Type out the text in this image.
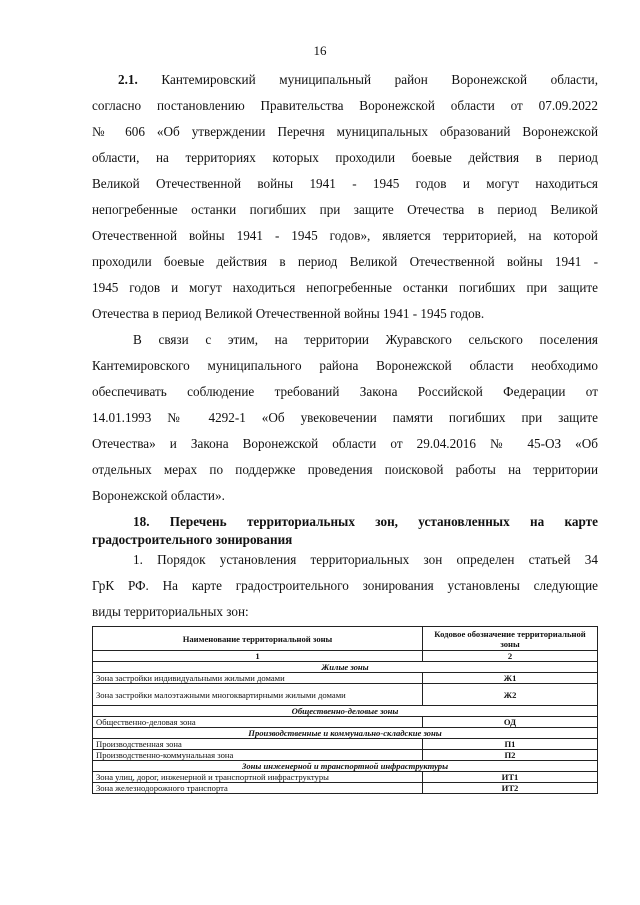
16
2.1. Кантемировский муниципальный район Воронежской области,
согласно постановлению Правительства Воронежской области от 07.09.2022
№ 606 «Об утверждении Перечня муниципальных образований Воронежской
области, на территориях которых проходили боевые действия в период
Великой Отечественной войны 1941 - 1945 годов и могут находиться
непогребенные останки погибших при защите Отечества в период Великой
Отечественной войны 1941 - 1945 годов», является территорией, на которой
проходили боевые действия в период Великой Отечественной войны 1941 -
1945 годов и могут находиться непогребенные останки погибших при защите
Отечества в период Великой Отечественной войны 1941 - 1945 годов.
В связи с этим, на территории Журавского сельского поселения
Кантемировского муниципального района Воронежской области необходимо
обеспечивать соблюдение требований Закона Российской Федерации от
14.01.1993 № 4292-1 «Об увековечении памяти погибших при защите
Отечества» и Закона Воронежской области от 29.04.2016 № 45-ОЗ «Об
отдельных мерах по поддержке проведения поисковой работы на территории
Воронежской области».
18. Перечень территориальных зон, установленных на карте
градостроительного зонирования
1. Порядок установления территориальных зон определен статьей 34
ГрК РФ. На карте градостроительного зонирования установлены следующие
виды территориальных зон:
Наименование территориальной зоны	Кодовое обозначение территориальной зоны
1	2
Жилые зоны	
Зона застройки индивидуальными жилыми домами	Ж1
Зона застройки малоэтажными многоквартирными жилыми домами	Ж2
Общественно-деловые зоны	
Общественно-деловая зона	ОД
Производственные и коммунально-складские зоны	
Производственная зона	П1
Производственно-коммунальная зона	П2
Зоны инженерной и транспортной инфраструктуры	
Зона улиц, дорог, инженерной и транспортной инфраструктуры	ИТ1
Зона железнодорожного транспорта	ИТ2
